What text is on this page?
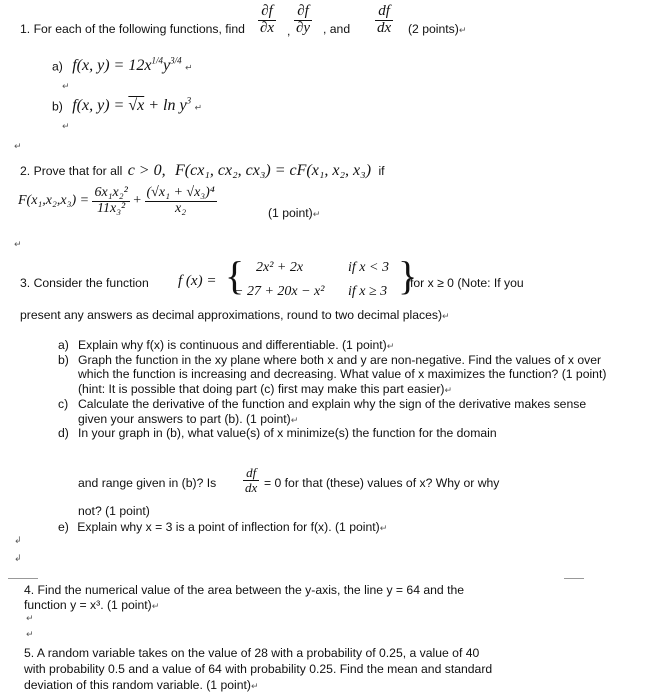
1. For each of the following functions, find $\frac{\partial f}{\partial x}$ , $\frac{\partial f}{\partial y}$ , and $\frac{df}{dx} (2$ points)↵
a) f(x, $y) = 12x^{1/4}y^{3/4}$ ↵
↵
b) f(x, $y) = √x + \ln y^3$ ↵
↵
↵
2. Prove that for all c > 0, F(cx₁, cx₂, cx₃) = cF(x₁, x₂, x₃) if
$F(x_1,x_2,x_3) = \frac{\text{6x₁x₂²}}{\text{11x₃²}} + \frac{\text{(√x₁ + √x₃)⁴}}{\text{x₂}}$	(1 point)↵
↵
3. Consider the function f (x) = { 2x² + 2x	if x < 3
− 27 + 20x − x² if x ≥ 3 }
for x ≥ 0 (Note: If you
present any answers as decimal approximations, round to two decimal places)↵
a) Explain why f(x) is continuous and differentiable. (1 point)↵
b) Graph the function in the xy plane where both x and y are non-negative. Find the values of x over which the function is increasing and decreasing. What value of x maximizes the function? (1 point) (hint: It is possible that doing part (c) first may make this part easier)↵
c) Calculate the derivative of the function and explain why the sign of the derivative makes sense given your answers to part (b). (1 point)↵
d) In your graph in (b), what value(s) of x minimize(s) the function for the domain
and range given in (b)? Is $\frac{df}{dx} = 0$ for that (these) values of x? Why or why
not? (1 point)
e) Explain why x = 3 is a point of inflection for f(x). (1 point)↵
↲
↲
4. Find the numerical value of the area between the y-axis, the line y = 64 and the
function y = x³. (1 point)↵
↵
↵
5. A random variable takes on the value of 28 with a probability of 0.25, a value of 40
with probability 0.5 and a value of 64 with probability 0.25. Find the mean and standard
deviation of this random variable. (1 point)↵
